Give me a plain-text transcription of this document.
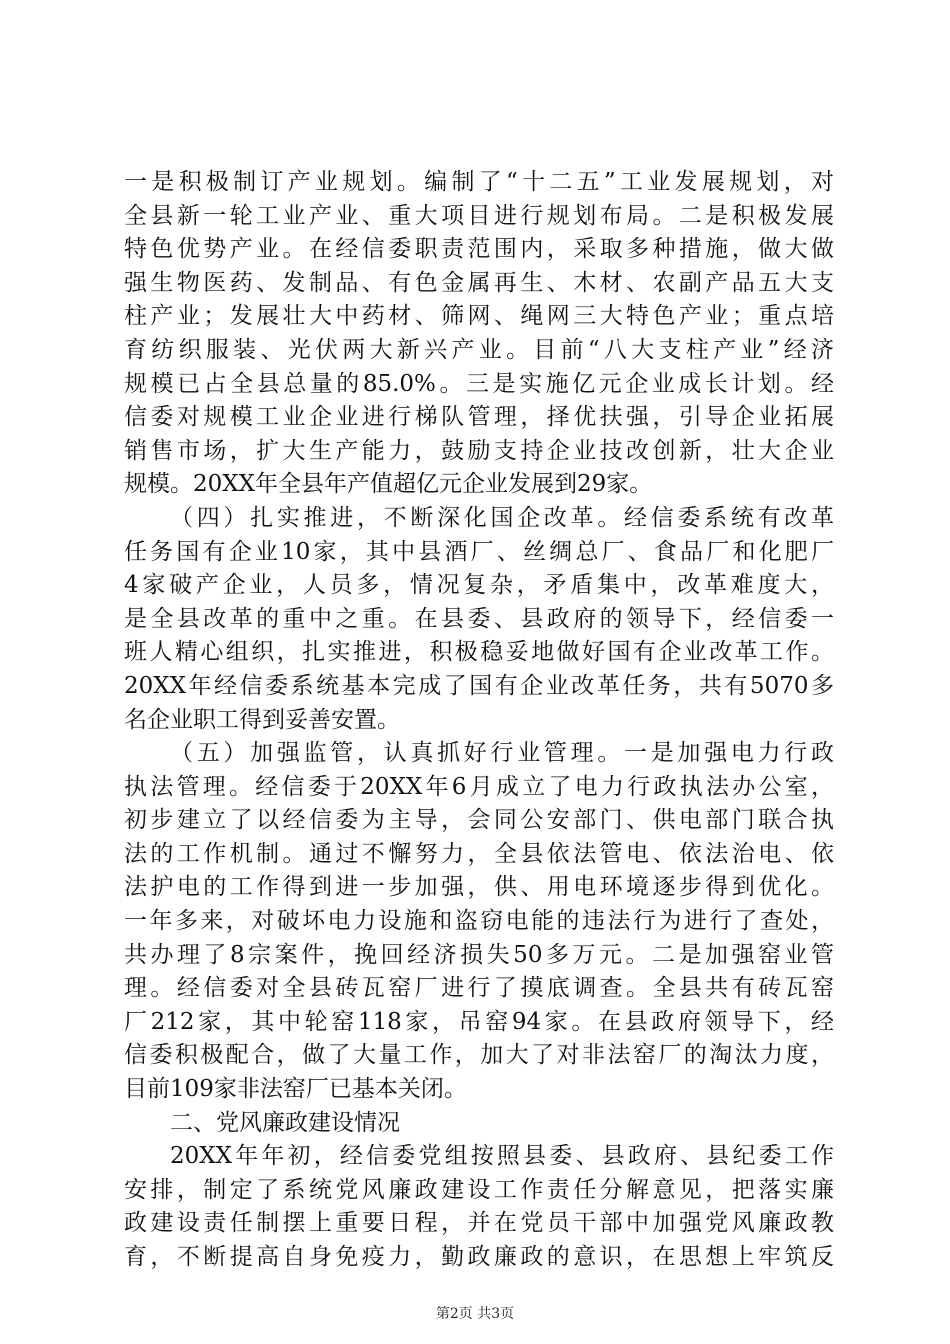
一是积极制订产业规划。编制了“十二五”工业发展规划，对
全县新一轮工业产业、重大项目进行规划布局。二是积极发展
特色优势产业。在经信委职责范围内，采取多种措施，做大做
强生物医药、发制品、有色金属再生、木材、农副产品五大支
柱产业；发展壮大中药材、筛网、绳网三大特色产业；重点培
育纺织服装、光伏两大新兴产业。目前“八大支柱产业”经济
规模已占全县总量的85.0%。三是实施亿元企业成长计划。经
信委对规模工业企业进行梯队管理，择优扶强，引导企业拓展
销售市场，扩大生产能力，鼓励支持企业技改创新，壮大企业
规模。20XX年全县年产值超亿元企业发展到29家。
（四）扎实推进，不断深化国企改革。经信委系统有改革
任务国有企业10家，其中县酒厂、丝绸总厂、食品厂和化肥厂
4家破产企业，人员多，情况复杂，矛盾集中，改革难度大，
是全县改革的重中之重。在县委、县政府的领导下，经信委一
班人精心组织，扎实推进，积极稳妥地做好国有企业改革工作。
20XX年经信委系统基本完成了国有企业改革任务，共有5070多
名企业职工得到妥善安置。
（五）加强监管，认真抓好行业管理。一是加强电力行政
执法管理。经信委于20XX年6月成立了电力行政执法办公室，
初步建立了以经信委为主导，会同公安部门、供电部门联合执
法的工作机制。通过不懈努力，全县依法管电、依法治电、依
法护电的工作得到进一步加强，供、用电环境逐步得到优化。
一年多来，对破坏电力设施和盗窃电能的违法行为进行了查处，
共办理了8宗案件，挽回经济损失50多万元。二是加强窑业管
理。经信委对全县砖瓦窑厂进行了摸底调查。全县共有砖瓦窑
厂212家，其中轮窑118家，吊窑94家。在县政府领导下，经
信委积极配合，做了大量工作，加大了对非法窑厂的淘汰力度，
目前109家非法窑厂已基本关闭。
二、党风廉政建设情况
20XX年年初，经信委党组按照县委、县政府、县纪委工作
安排，制定了系统党风廉政建设工作责任分解意见，把落实廉
政建设责任制摆上重要日程，并在党员干部中加强党风廉政教
育，不断提高自身免疫力，勤政廉政的意识，在思想上牢筑反
第2页 共3页
